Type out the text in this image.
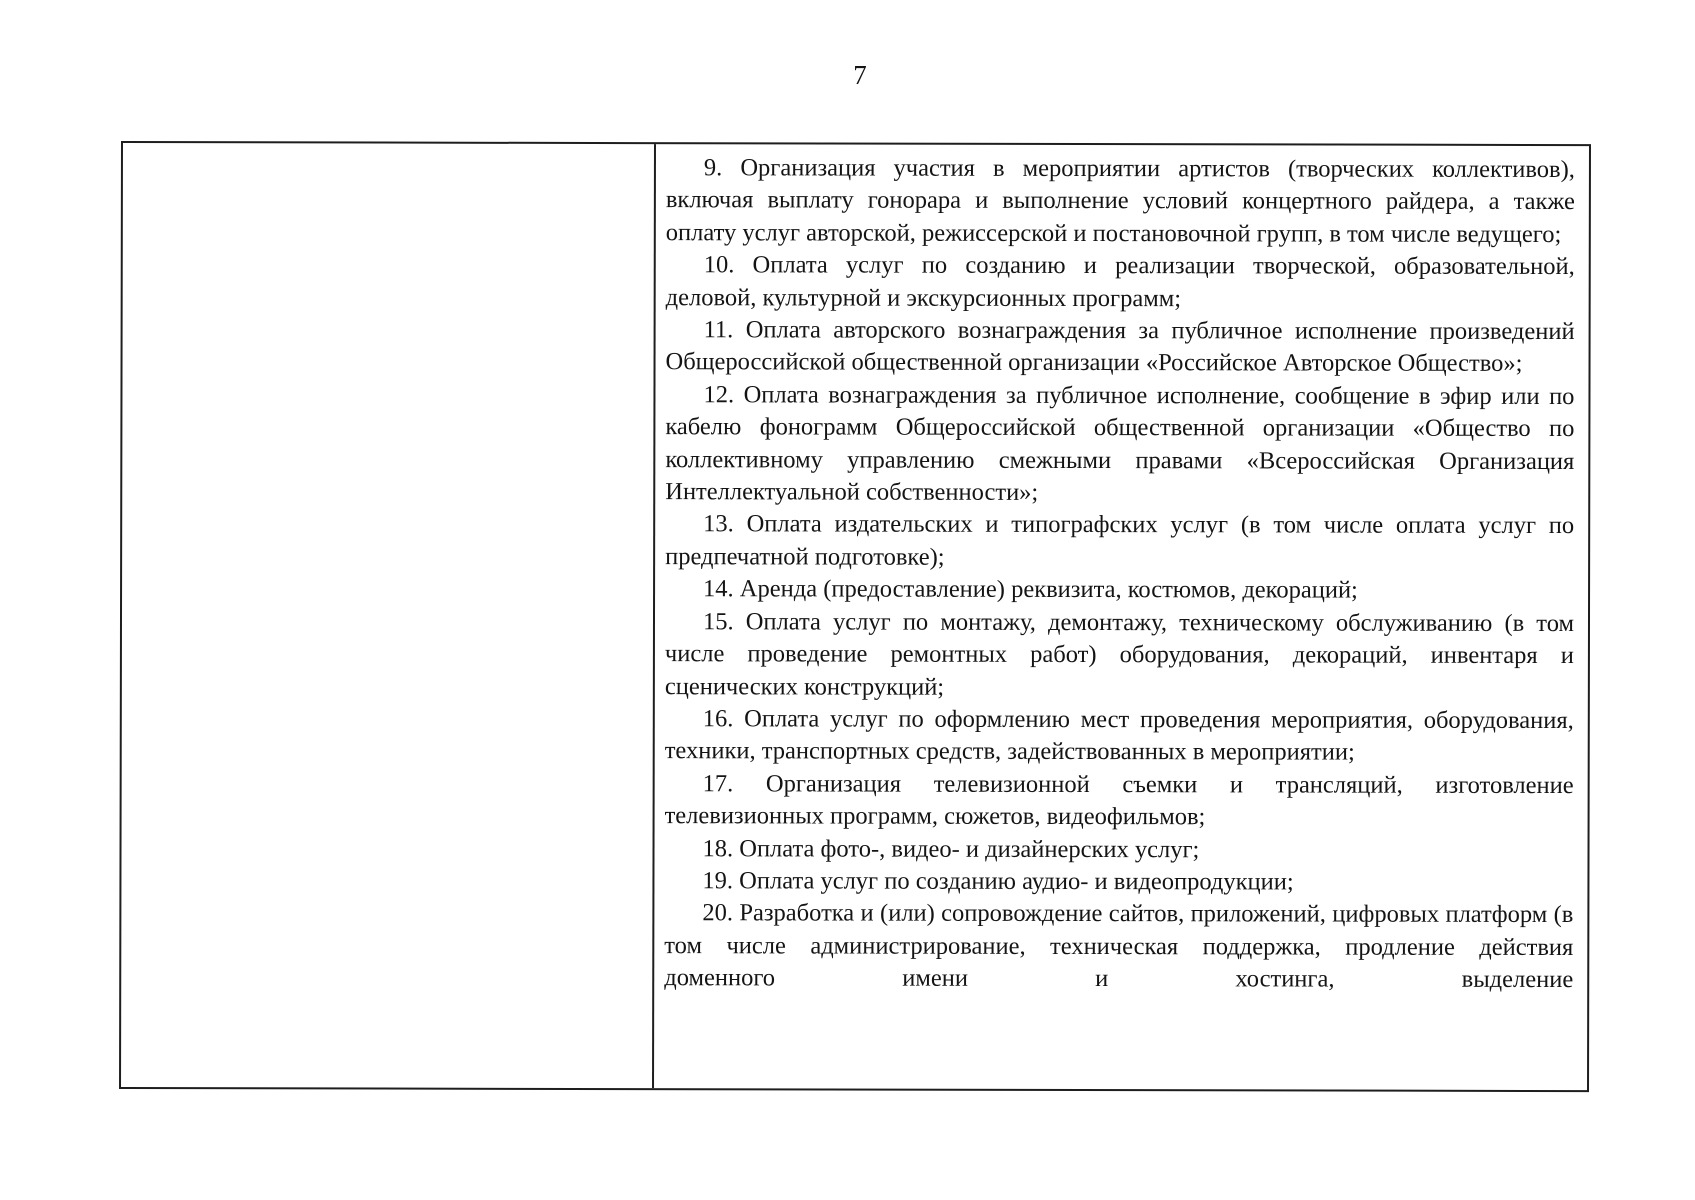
7

9. Организация участия в мероприятии артистов (творческих коллективов), включая выплату гонорара и выполнение условий концертного райдера, а также оплату услуг авторской, режиссерской и постановочной групп, в том числе ведущего;

10. Оплата услуг по созданию и реализации творческой, образовательной, деловой, культурной и экскурсионных программ;

11. Оплата авторского вознаграждения за публичное исполнение произведений Общероссийской общественной организации «Российское Авторское Общество»;

12. Оплата вознаграждения за публичное исполнение, сообщение в эфир или по кабелю фонограмм Общероссийской общественной организации «Общество по коллективному управлению смежными правами «Всероссийская Организация Интеллектуальной собственности»;

13. Оплата издательских и типографских услуг (в том числе оплата услуг по предпечатной подготовке);

14. Аренда (предоставление) реквизита, костюмов, декораций;

15. Оплата услуг по монтажу, демонтажу, техническому обслуживанию (в том числе проведение ремонтных работ) оборудования, декораций, инвентаря и сценических конструкций;

16. Оплата услуг по оформлению мест проведения мероприятия, оборудования, техники, транспортных средств, задействованных в мероприятии;

17. Организация телевизионной съемки и трансляций, изготовление телевизионных программ, сюжетов, видеофильмов;

18. Оплата фото-, видео- и дизайнерских услуг;

19. Оплата услуг по созданию аудио- и видеопродукции;

20. Разработка и (или) сопровождение сайтов, приложений, цифровых платформ (в том числе администрирование, техническая поддержка, продление действия доменного имени и хостинга, выделение
